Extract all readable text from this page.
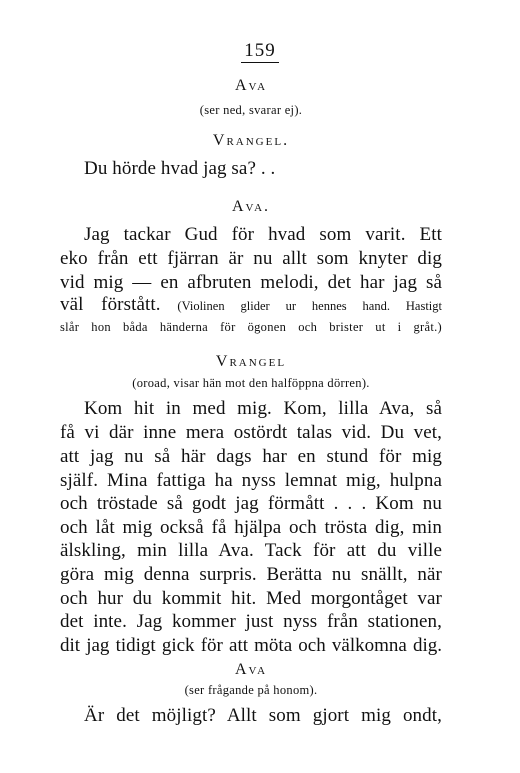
159
Ava
(ser ned, svarar ej).
Vrangel.
Du hörde hvad jag sa? . .
Ava.
Jag tackar Gud för hvad som varit. Ett
eko från ett fjärran är nu allt som knyter dig
vid mig — en afbruten melodi, det har jag så
väl förstått. (Violinen glider ur hennes hand. Hastigt
slår hon båda händerna för ögonen och brister ut i gråt.)
Vrangel
(oroad, visar hän mot den halföppna dörren).
Kom hit in med mig. Kom, lilla Ava, så
få vi där inne mera ostördt talas vid. Du vet,
att jag nu så här dags har en stund för mig
själf. Mina fattiga ha nyss lemnat mig, hulpna
och tröstade så godt jag förmått . . . Kom nu
och låt mig också få hjälpa och trösta dig, min
älskling, min lilla Ava. Tack för att du ville
göra mig denna surpris. Berätta nu snällt, när
och hur du kommit hit. Med morgontåget var
det inte. Jag kommer just nyss från stationen,
dit jag tidigt gick för att möta och välkomna dig.
Ava
(ser frågande på honom).
Är det möjligt? Allt som gjort mig ondt,
